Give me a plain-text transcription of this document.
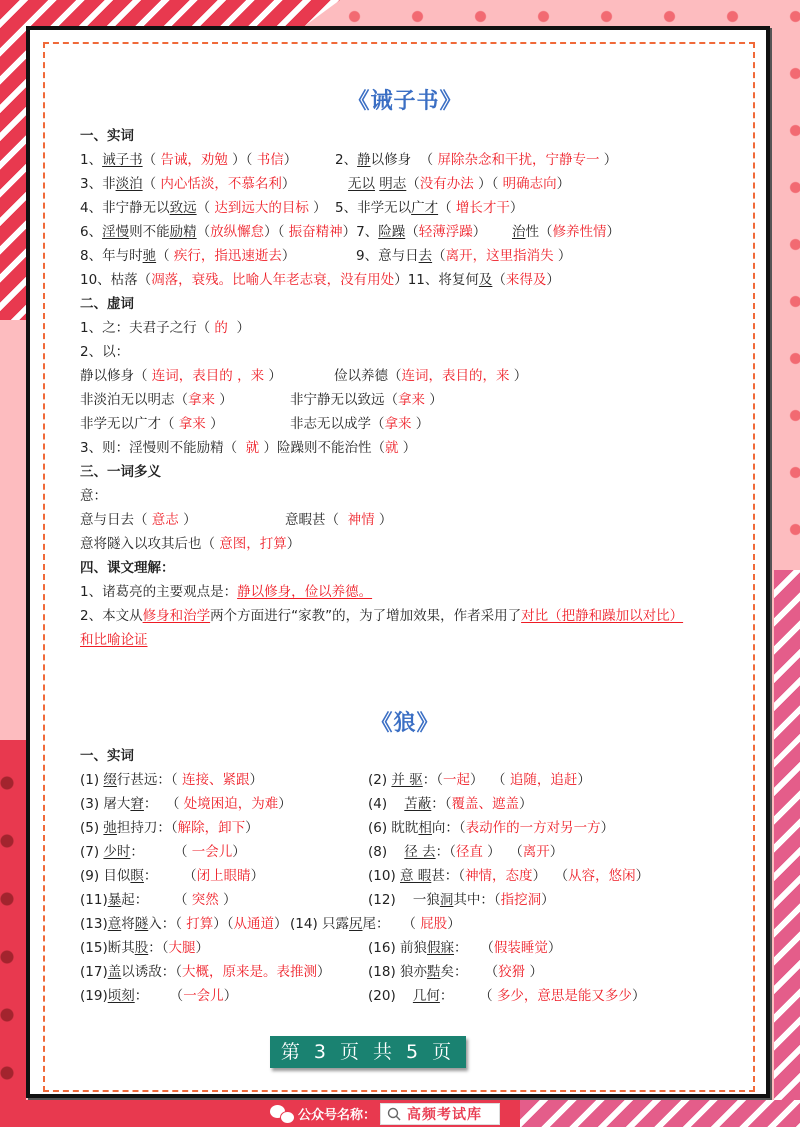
《诫子书》
一、实词
1、诫子书（ 告诫，劝勉 ）（ 书信）	2、静以修身  （ 屏除杂念和干扰，宁静专一 ）
3、非淡泊（ 内心恬淡，不慕名利）	无以 明志（没有办法 ）（ 明确志向）
4、非宁静无以致远（ 达到远大的目标 ） 5、非学无以广才（ 增长才干）
6、淫慢则不能励精（放纵懈怠）（ 振奋精神）7、险躁（轻薄浮躁） 治性（修养性情）
8、年与时驰（ 疾行，指迅速逝去）	9、意与日去（离开，这里指消失 ）
10、枯落（凋落，衰残。比喻人年老志衰，没有用处）11、将复何及（来得及）
二、虚词
1、之：夫君子之行（ 的  ）
2、以：
静以修身（ 连词，表目的 ，来 ）	俭以养德（连词，表目的，来 ）
非淡泊无以明志（拿来 ）	非宁静无以致远（拿来 ）
非学无以广才（ 拿来 ）	非志无以成学（拿来 ）
3、则：淫慢则不能励精（  就 ）险躁则不能治性（就 ）
三、一词多义
意：
意与日去（ 意志 ）	意暇甚（  神情 ）
意将隧入以攻其后也（ 意图，打算）
四、课文理解：
1、诸葛亮的主要观点是：静以修身，俭以养德。
2、本文从修身和治学两个方面进行“家教”的，为了增加效果，作者采用了对比（把静和躁加以对比）
和比喻论证
《狼》
一、实词
(1) 缀行甚远：（ 连接、紧跟）	(2) 并 驱：（一起）  （ 追随，追赶）
(3) 屠大窘：  （ 处境困迫，为难）	(4)    苫蔽：（覆盖、遮盖）
(5) 弛担持刀：（解除，卸下）	(6) 眈眈相向：（表动作的一方对另一方）
(7) 少时：       （ 一会儿）	(8)    径 去：（径直 ）  （离开）
(9) 目似瞑：      （闭上眼睛）	(10) 意 暇甚：（神情，态度）  （从容，悠闲）
(11)暴起：      （ 突然 ）	(12)    一狼洞其中：（指挖洞）
(13)意将隧入：（ 打算）（从通道） (14) 只露尻尾：   （ 屁股）
(15)断其股：（大腿）	(16) 前狼假寐：   （假装睡觉）
(17)盖以诱敌：（大概，原来是。表推测）	(18) 狼亦黠矣：    （狡猾 ）
(19)顷刻：     （一会儿）	(20)    几何：      （ 多少，意思是能又多少）
第 3 页 共 5 页
公众号名称： 高频考试库
